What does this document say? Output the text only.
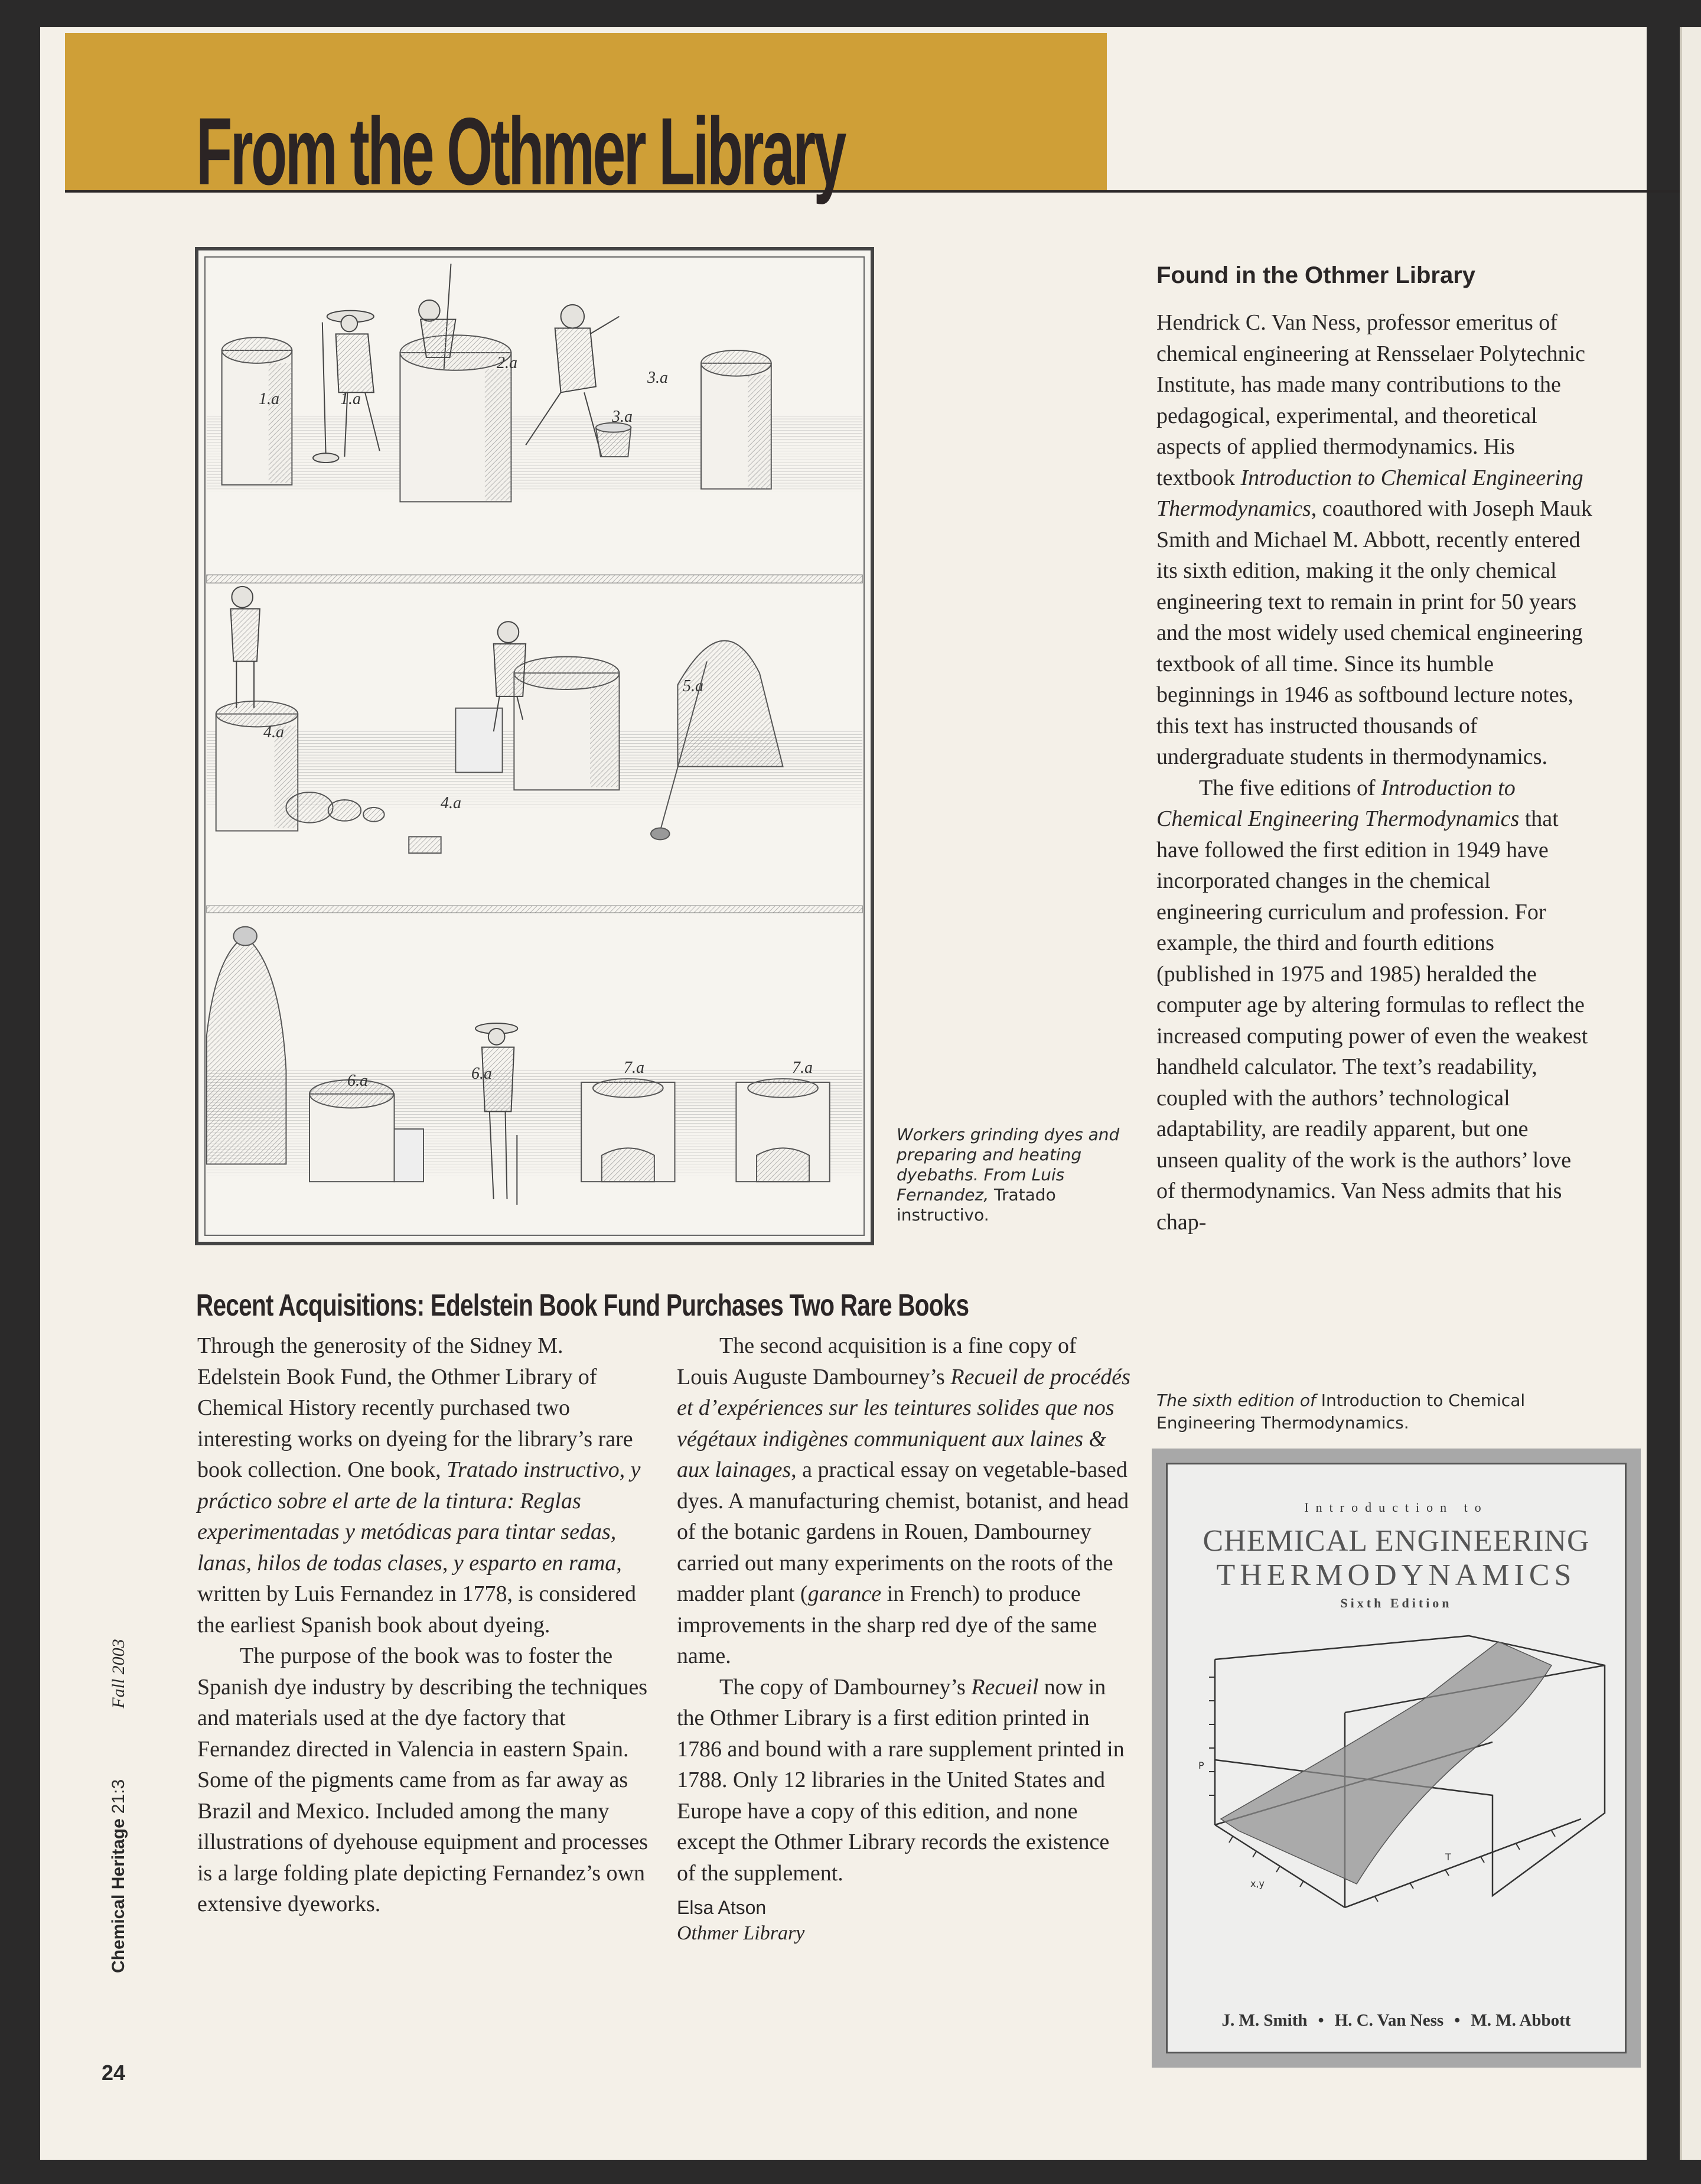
From the Othmer Library
1.a	1.a
2.a
3.a
3.a
4.a
4.a
5.a
6.a	6.a	7.a	7.a
Workers grinding dyes and preparing and heating dyebaths. From Luis Fernandez, Tratado instructivo.
Recent Acquisitions: Edelstein Book Fund Purchases Two Rare Books

Through the generosity of the Sidney M. Edelstein Book Fund, the Othmer Library of Chemical History recently purchased two interesting works on dyeing for the library’s rare book collection. One book, Tratado instructivo, y práctico sobre el arte de la tintura: Reglas experimentadas y metódicas para tintar sedas, lanas, hilos de todas clases, y esparto en rama, written by Luis Fernandez in 1778, is considered the earliest Spanish book about dyeing.

The purpose of the book was to foster the Spanish dye industry by describing the techniques and materials used at the dye factory that Fernandez directed in Valencia in eastern Spain. Some of the pigments came from as far away as Brazil and Mexico. Included among the many illustrations of dyehouse equipment and processes is a large folding plate depicting Fernandez’s own extensive dyeworks.

The second acquisition is a fine copy of Louis Auguste Dambourney’s Recueil de procédés et d’expériences sur les teintures solides que nos végétaux indigènes communiquent aux laines & aux lainages, a practical essay on vegetable-based dyes. A manufacturing chemist, botanist, and head of the botanic gardens in Rouen, Dambourney carried out many experiments on the roots of the madder plant (garance in French) to produce improvements in the sharp red dye of the same name.

The copy of Dambourney’s Recueil now in the Othmer Library is a first edition printed in 1786 and bound with a rare supplement printed in 1788. Only 12 libraries in the United States and Europe have a copy of this edition, and none except the Othmer Library records the existence of the supplement.

Elsa Atson
Othmer Library
Found in the Othmer Library

Hendrick C. Van Ness, professor emeritus of chemical engineering at Rensselaer Polytechnic Institute, has made many contributions to the pedagogical, experimental, and theoretical aspects of applied thermodynamics. His textbook Introduction to Chemical Engineering Thermodynamics, coauthored with Joseph Mauk Smith and Michael M. Abbott, recently entered its sixth edition, making it the only chemical engineering text to remain in print for 50 years and the most widely used chemical engineering textbook of all time. Since its humble beginnings in 1946 as softbound lecture notes, this text has instructed thousands of undergraduate students in thermodynamics.

The five editions of Introduction to Chemical Engineering Thermodynamics that have followed the first edition in 1949 have incorporated changes in the chemical engineering curriculum and profession. For example, the third and fourth editions (published in 1975 and 1985) heralded the computer age by altering formulas to reflect the increased computing power of even the weakest handheld calculator. The text’s readability, coupled with the authors’ technological adaptability, are readily apparent, but one unseen quality of the work is the authors’ love of thermodynamics. Van Ness admits that his chap-

The sixth edition of Introduction to Chemical Engineering Thermodynamics.
Introduction to
CHEMICAL ENGINEERING
THERMODYNAMICS
Sixth Edition
P
x,y
T
J. M. Smith • H. C. Van Ness • M. M. Abbott
Chemical Heritage21:3Fall 2003
24
